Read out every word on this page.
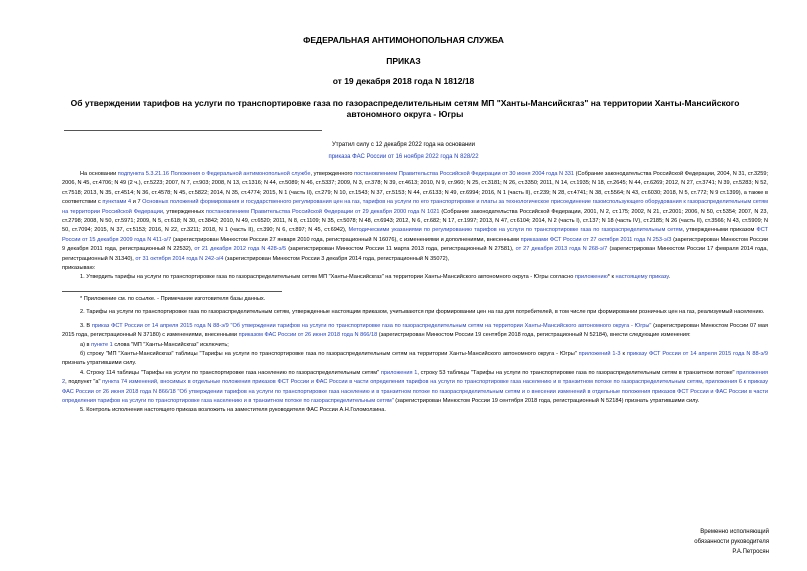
ФЕДЕРАЛЬНАЯ АНТИМОНОПОЛЬНАЯ СЛУЖБА
ПРИКАЗ
от 19 декабря 2018 года N 1812/18
Об утверждении тарифов на услуги по транспортировке газа по газораспределительным сетям МП "Ханты-Мансийскгаз" на территории Ханты-Мансийского автономного округа - Югры
Утратил силу с 12 декабря 2022 года на основании
приказа ФАС России от 16 ноября 2022 года N 828/22

На основании подпункта 5.3.21.16 Положения о Федеральной антимонопольной службе, утвержденного постановлением Правительства Российской Федерации от 30 июня 2004 года N 331 (Собрание законодательства Российской Федерации, 2004, N 31, ст.3259; 2006, N 45, ст.4706; N 49 (2 ч.), ст.5223; 2007, N 7, ст.903; 2008, N 13, ст.1316; N 44, ст.5089; N 46, ст.5337; 2009, N 3, ст.378; N 39, ст.4613; 2010, N 9, ст.960; N 25, ст.3181; N 26, ст.3350; 2011, N 14, ст.1935; N 18, ст.2645; N 44, ст.6269; 2012, N 27, ст.3741; N 39, ст.5283; N 52, ст.7518; 2013, N 35, ст.4514; N 36, ст.4578; N 45, ст.5822; 2014, N 35, ст.4774; 2015, N 1 (часть II), ст.279; N 10, ст.1543; N 37, ст.5153; N 44, ст.6133; N 49, ст.6994; 2016, N 1 (часть II), ст.239; N 28, ст.4741; N 38, ст.5564; N 43, ст.6030; 2018, N 5, ст.772; N 9 ст.1399), а также в соответствии с пунктами 4 и 7 Основных положений формирования и государственного регулирования цен на газ, тарифов на услуги по его транспортировке и платы за технологическое присоединение газоиспользующего оборудования к газораспределительным сетям на территории Российской Федерации, утвержденных постановлением Правительства Российской Федерации от 29 декабря 2000 года N 1021 (Собрание законодательства Российской Федерации, 2001, N 2, ст.175; 2002, N 21, ст.2001; 2006, N 50, ст.5354; 2007, N 23, ст.2798; 2008, N 50, ст.5971; 2009, N 5, ст.618; N 30, ст.3842; 2010, N 49, ст.6520; 2011, N 8, ст.1109; N 35, ст.5078; N 48, ст.6943; 2012, N 6, ст.682; N 17, ст.1997; 2013, N 47, ст.6104; 2014, N 2 (часть I), ст.137; N 18 (часть IV), ст.2185; N 26 (часть II), ст.3566; N 43, ст.5909; N 50, ст.7094; 2015, N 37, ст.5153; 2016, N 22, ст.3211; 2018, N 1 (часть II), ст.390; N 6, ст.897; N 45, ст.6942), Методическими указаниями по регулированию тарифов на услуги по транспортировке газа по газораспределительным сетям, утвержденными приказом ФСТ России от 15 декабря 2009 года N 411-э/7 (зарегистрирован Минюстом России 27 января 2010 года, регистрационный N 16076), с изменениями и дополнениями, внесенными приказами ФСТ России от 27 октября 2011 года N 253-э/3 (зарегистрирован Минюстом России 9 декабря 2011 года, регистрационный N 22532), от 21 декабря 2012 года N 428-э/5 (зарегистрирован Минюстом России 11 марта 2013 года, регистрационный N 27581), от 27 декабря 2013 года N 268-э/7 (зарегистрирован Минюстом России 17 февраля 2014 года, регистрационный N 31340), от 31 октября 2014 года N 242-э/4 (зарегистрирован Минюстом России 3 декабря 2014 года, регистрационный N 35072),

приказываю:

1. Утвердить тарифы на услуги по транспортировке газа по газораспределительным сетям МП "Ханты-Мансийскгаз" на территории Ханты-Мансийского автономного округа - Югры согласно приложению* к настоящему приказу.

* Приложение см. по ссылке. - Примечание изготовителя базы данных.

2. Тарифы на услуги по транспортировке газа по газораспределительным сетям, утвержденные настоящим приказом, учитываются при формировании цен на газ для потребителей, в том числе при формировании розничных цен на газ, реализуемый населению.

3. В приказ ФСТ России от 14 апреля 2015 года N 88-э/9 "Об утверждении тарифов на услуги по транспортировке газа по газораспределительным сетям на территории Ханты-Мансийского автономного округа - Югры" (зарегистрирован Минюстом России 07 мая 2015 года, регистрационный N 37180) с изменениями, внесенными приказом ФАС России от 26 июня 2018 года N 866/18 (зарегистрирован Минюстом России 19 сентября 2018 года, регистрационный N 52184), внести следующие изменения:

а) в пункте 1 слова "МП "Ханты-Мансийскгаз" исключить;

б) строку "МП "Ханты-Мансийскгаз" таблицы "Тарифы на услуги по транспортировке газа по газораспределительным сетям на территории Ханты-Мансийского автономного округа - Югры" приложений 1-3 к приказу ФСТ России от 14 апреля 2015 года N 88-э/9 признать утратившими силу.

4. Строку 114 таблицы "Тарифы на услуги по транспортировке газа населению по газораспределительным сетям" приложения 1, строку 53 таблицы "Тарифы на услуги по транспортировке газа по газораспределительным сетям в транзитном потоке" приложения 2, подпункт "а" пункта 74 изменений, вносимых в отдельные положения приказов ФСТ России и ФАС России в части определения тарифов на услуги по транспортировке газа населению и в транзитном потоке по газораспределительным сетям, приложения 6 к приказу ФАС России от 26 июня 2018 года N 866/18 "Об утверждении тарифов на услуги по транспортировке газа населению и в транзитном потоке по газораспределительным сетям и о внесении изменений в отдельные положения приказов ФСТ России и ФАС России в части определения тарифов на услуги по транспортировке газа населению и в транзитном потоке по газораспределительным сетям" (зарегистрирован Минюстом России 19 сентября 2018 года, регистрационный N 52184) признать утратившими силу.

5. Контроль исполнения настоящего приказа возложить на заместителя руководителя ФАС России А.Н.Голомолзина.

Временно исполняющий
обязанности руководителя
Р.А.Петросян
